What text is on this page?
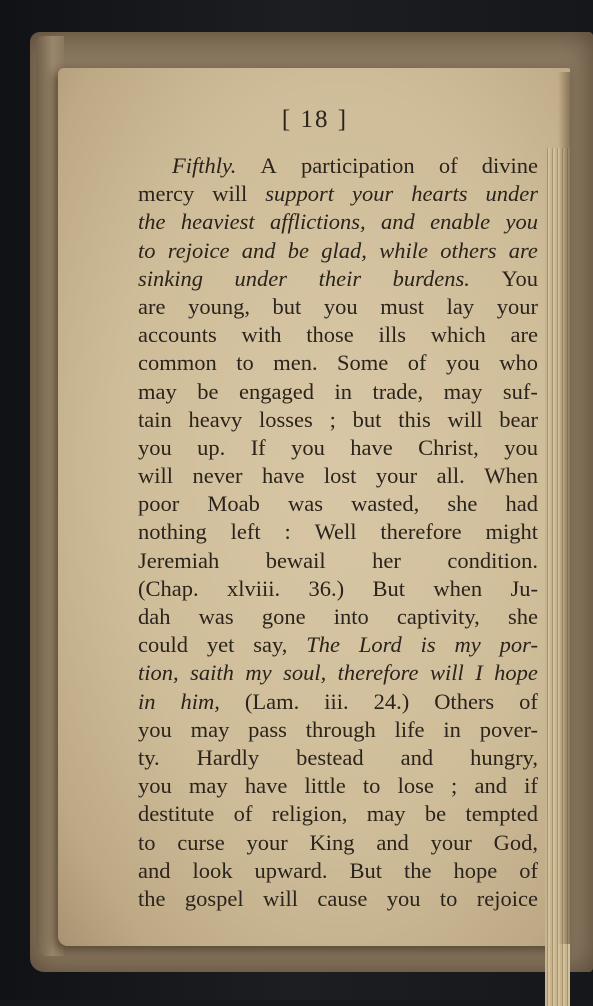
[ 18 ]

Fifthly. A participation of divine
mercy will support your hearts under
the heaviest afflictions, and enable you
to rejoice and be glad, while others are
sinking under their burdens. You
are young, but you must lay your
accounts with those ills which are
common to men. Some of you who
may be engaged in trade, may suf-
tain heavy losses ; but this will bear
you up. If you have Christ, you
will never have lost your all. When
poor Moab was wasted, she had
nothing left : Well therefore might
Jeremiah bewail her condition.
(Chap. xlviii. 36.) But when Ju-
dah was gone into captivity, she
could yet say, The Lord is my por-
tion, saith my soul, therefore will I hope
in him, (Lam. iii. 24.) Others of
you may pass through life in pover-
ty. Hardly bestead and hungry,
you may have little to lose ; and if
destitute of religion, may be tempted
to curse your King and your God,
and look upward. But the hope of
the gospel will cause you to rejoice
